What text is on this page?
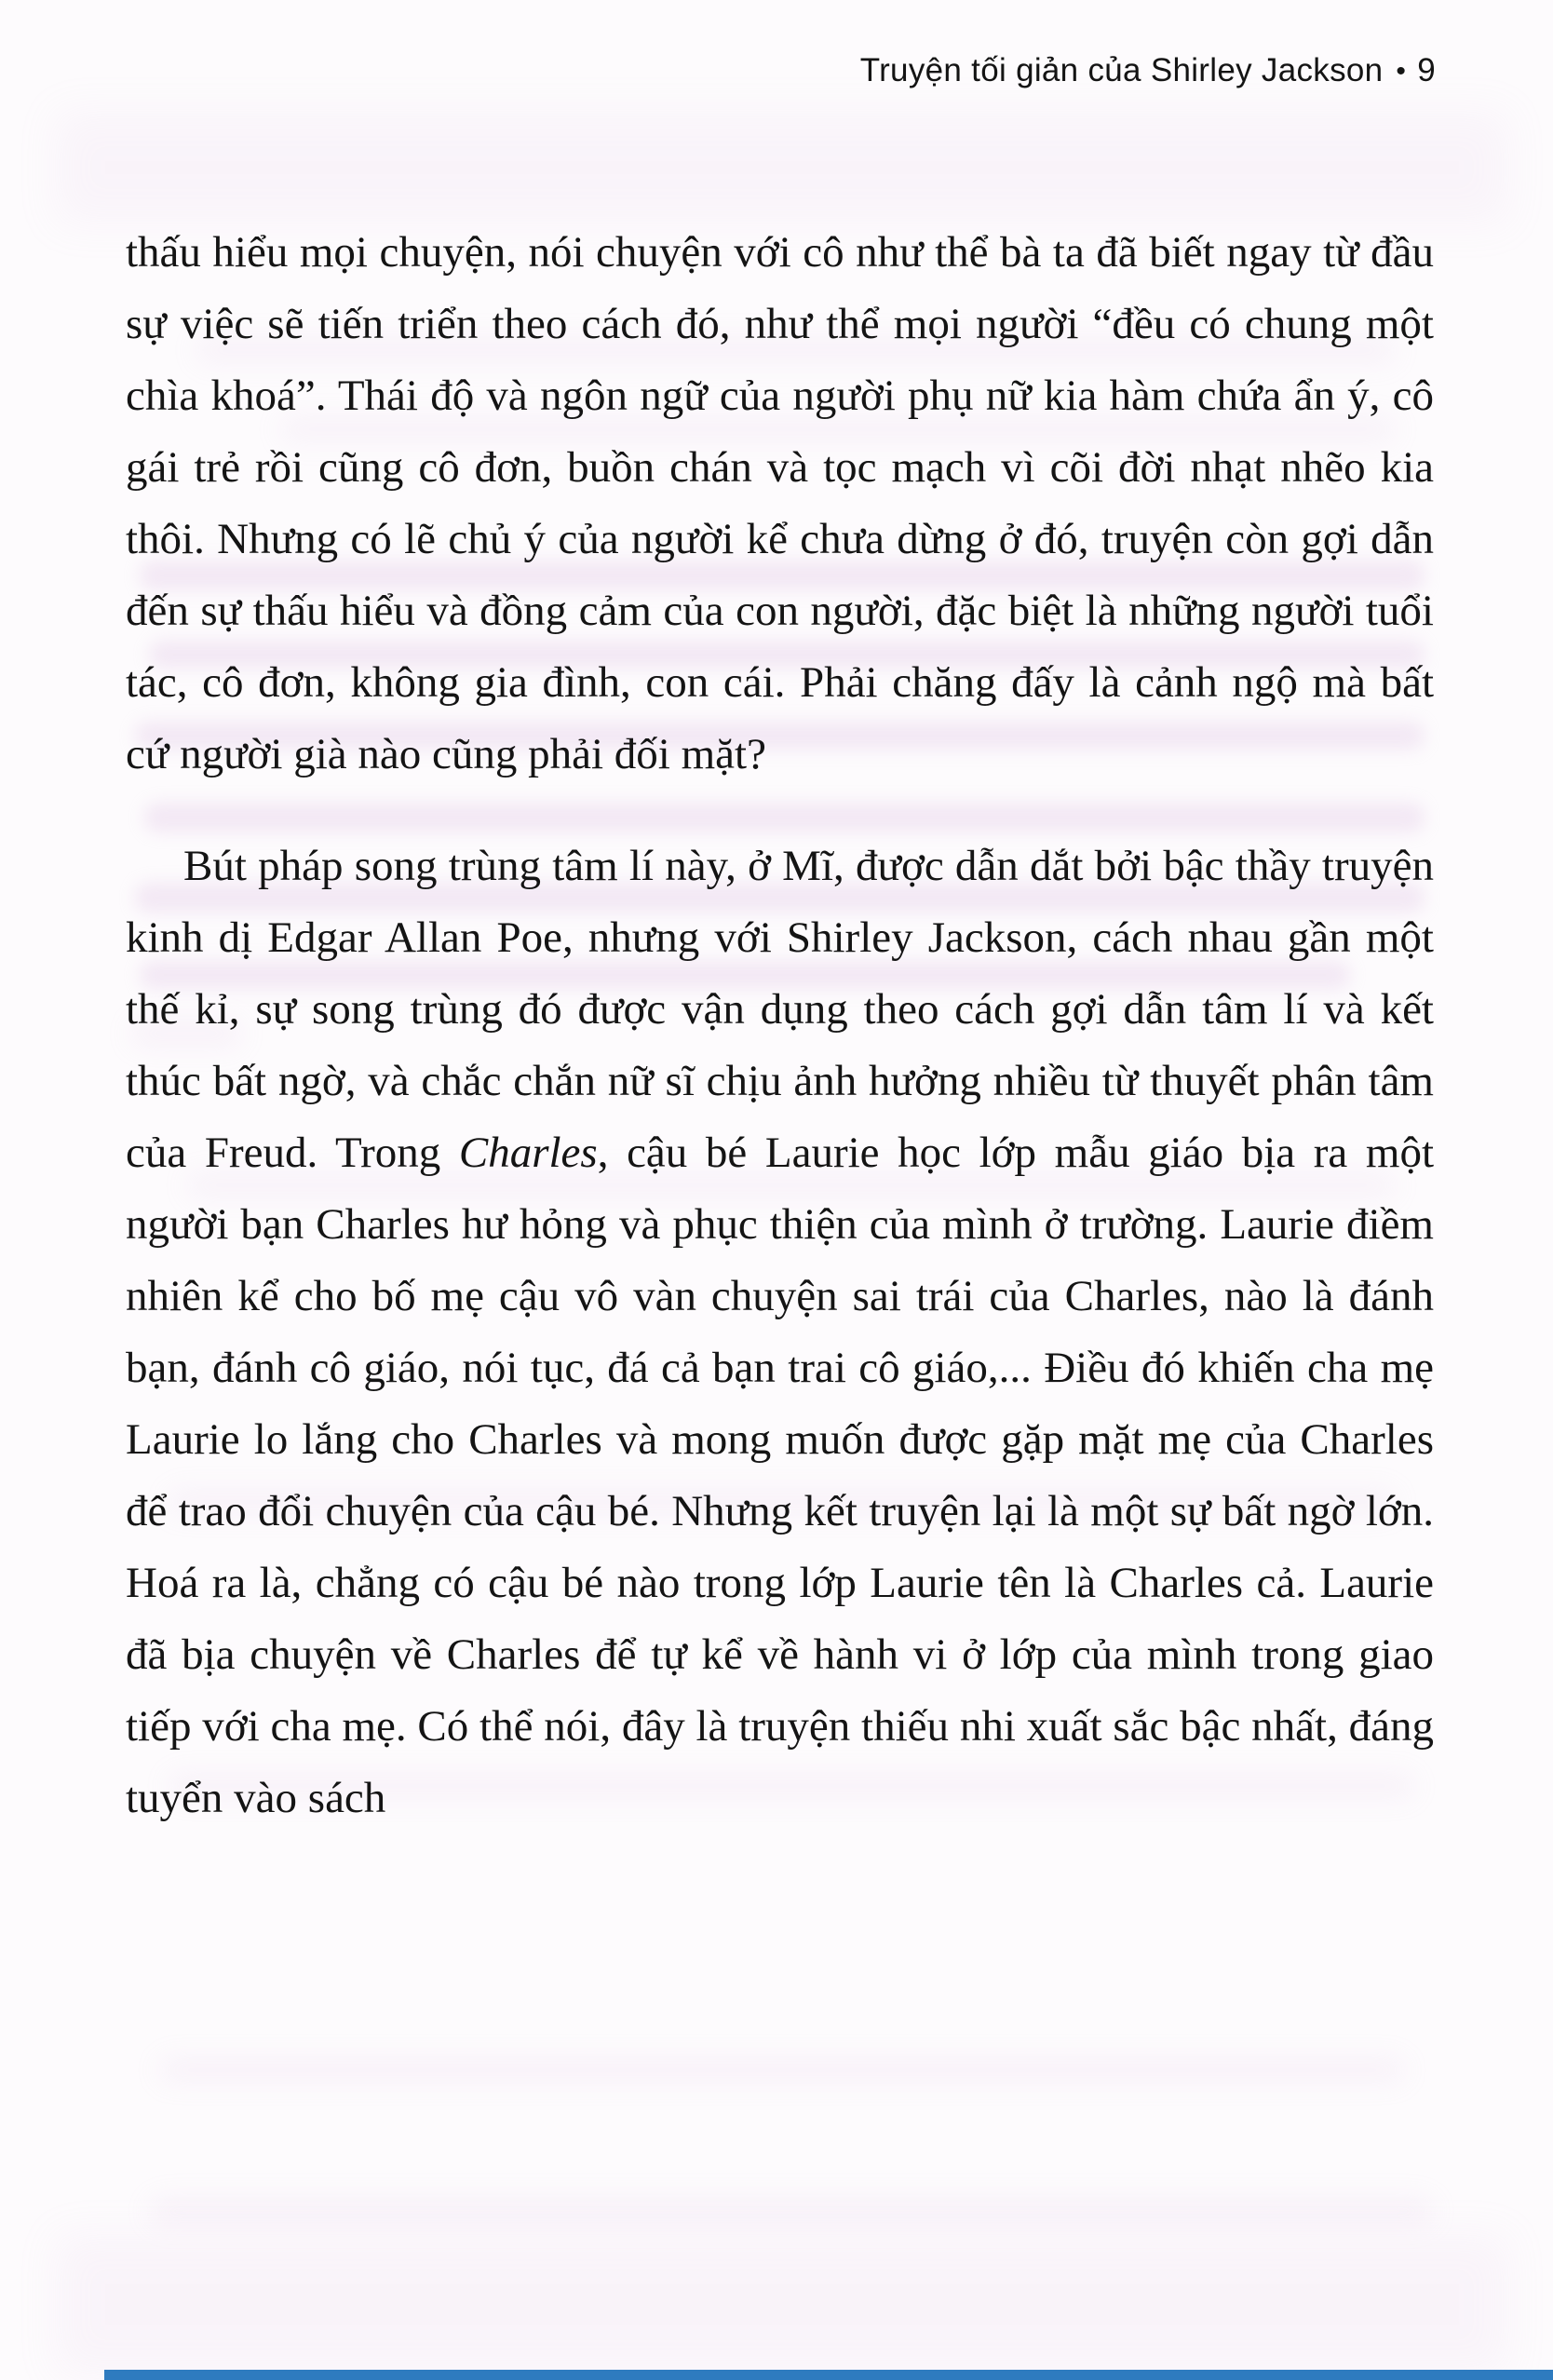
Truyện tối giản của Shirley Jackson • 9

thấu hiểu mọi chuyện, nói chuyện với cô như thể bà ta đã biết ngay từ đầu sự việc sẽ tiến triển theo cách đó, như thể mọi người “đều có chung một chìa khoá”. Thái độ và ngôn ngữ của người phụ nữ kia hàm chứa ẩn ý, cô gái trẻ rồi cũng cô đơn, buồn chán và tọc mạch vì cõi đời nhạt nhẽo kia thôi. Nhưng có lẽ chủ ý của người kể chưa dừng ở đó, truyện còn gợi dẫn đến sự thấu hiểu và đồng cảm của con người, đặc biệt là những người tuổi tác, cô đơn, không gia đình, con cái. Phải chăng đấy là cảnh ngộ mà bất cứ người già nào cũng phải đối mặt?

Bút pháp song trùng tâm lí này, ở Mĩ, được dẫn dắt bởi bậc thầy truyện kinh dị Edgar Allan Poe, nhưng với Shirley Jackson, cách nhau gần một thế kỉ, sự song trùng đó được vận dụng theo cách gợi dẫn tâm lí và kết thúc bất ngờ, và chắc chắn nữ sĩ chịu ảnh hưởng nhiều từ thuyết phân tâm của Freud. Trong Charles, cậu bé Laurie học lớp mẫu giáo bịa ra một người bạn Charles hư hỏng và phục thiện của mình ở trường. Laurie điềm nhiên kể cho bố mẹ cậu vô vàn chuyện sai trái của Charles, nào là đánh bạn, đánh cô giáo, nói tục, đá cả bạn trai cô giáo,... Điều đó khiến cha mẹ Laurie lo lắng cho Charles và mong muốn được gặp mặt mẹ của Charles để trao đổi chuyện của cậu bé. Nhưng kết truyện lại là một sự bất ngờ lớn. Hoá ra là, chẳng có cậu bé nào trong lớp Laurie tên là Charles cả. Laurie đã bịa chuyện về Charles để tự kể về hành vi ở lớp của mình trong giao tiếp với cha mẹ. Có thể nói, đây là truyện thiếu nhi xuất sắc bậc nhất, đáng tuyển vào sách
